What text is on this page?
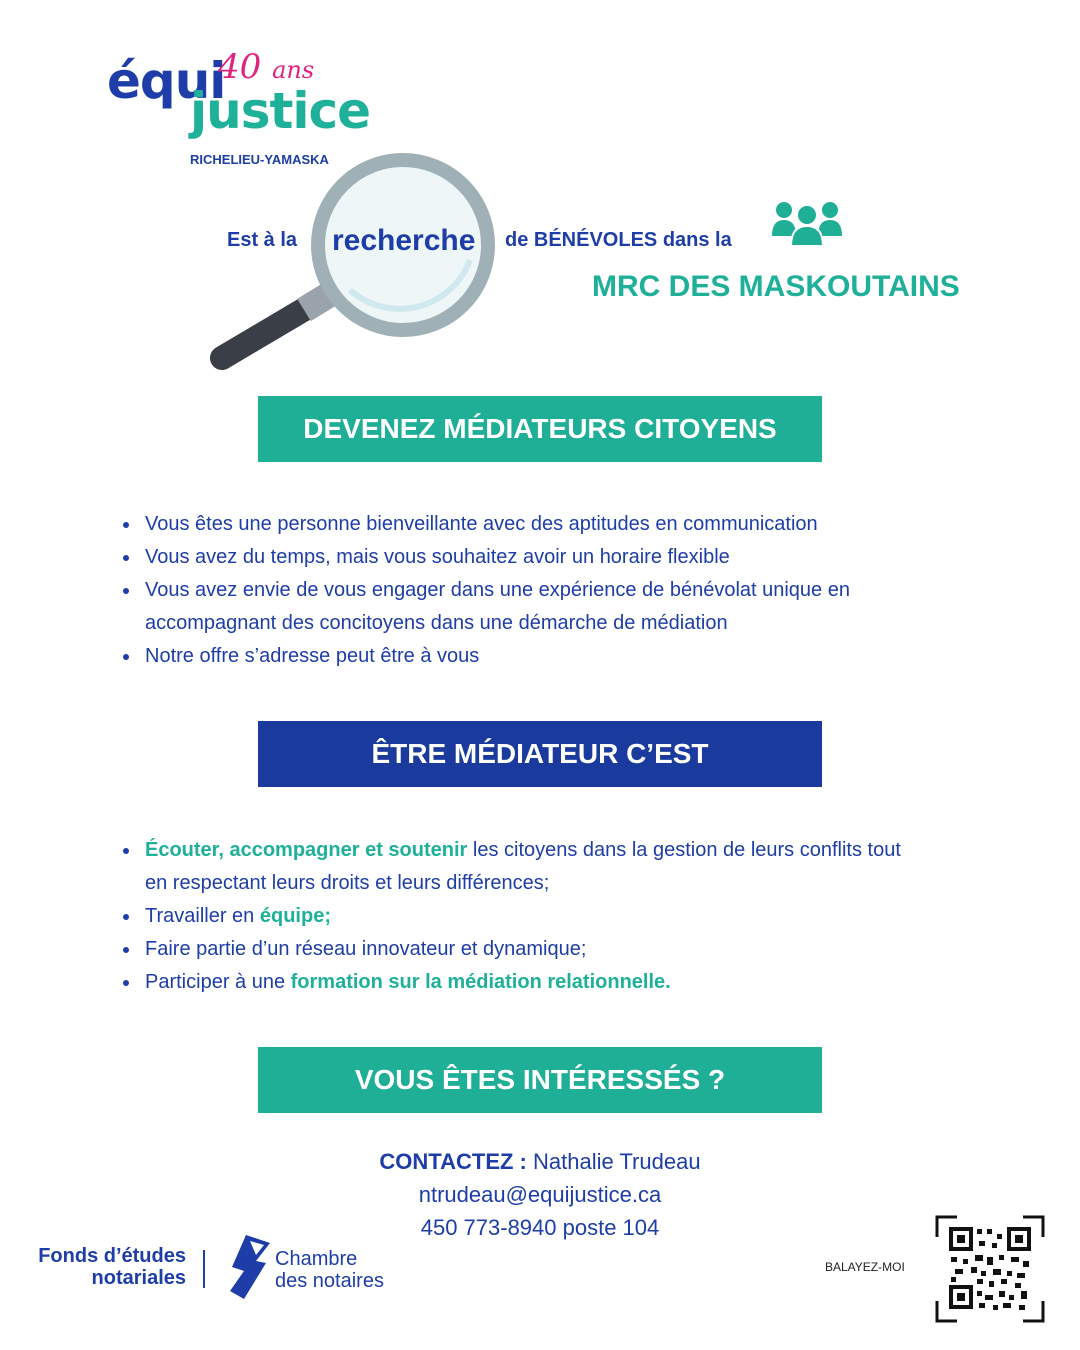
équi
justice
40 ans
RICHELIEU-YAMASKA
Est à la recherche de BÉNÉVOLES dans la
MRC DES MASKOUTAINS
DEVENEZ MÉDIATEURS CITOYENS
Vous êtes une personne bienveillante avec des aptitudes en communication
Vous avez du temps, mais vous souhaitez avoir un horaire flexible
Vous avez envie de vous engager dans une expérience de bénévolat unique en accompagnant des concitoyens dans une démarche de médiation
Notre offre s’adresse peut être à vous
ÊTRE MÉDIATEUR C’EST
Écouter, accompagner et soutenir les citoyens dans la gestion de leurs conflits tout en respectant leurs droits et leurs différences;
Travailler en équipe;
Faire partie d’un réseau innovateur et dynamique;
Participer à une formation sur la médiation relationnelle.
VOUS ÊTES INTÉRESSÉS ?
CONTACTEZ : Nathalie Trudeau
ntrudeau@equijustice.ca
450 773-8940 poste 104
Fonds d’études
notariales
Chambre
des notaires
BALAYEZ-MOI
